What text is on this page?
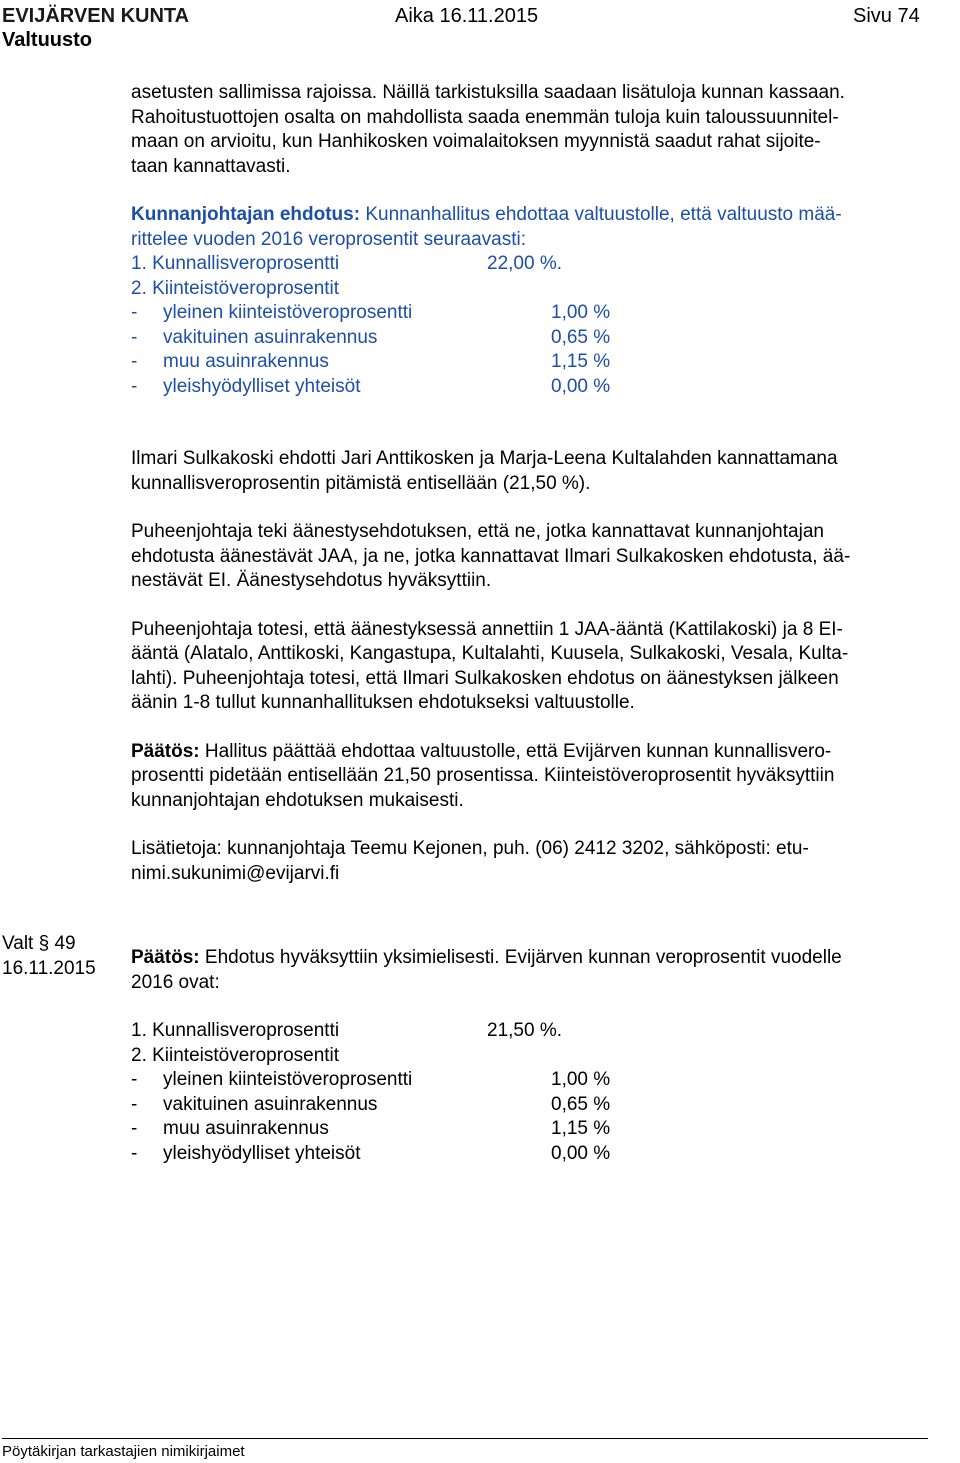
EVIJÄRVEN KUNTA	Aika 16.11.2015	Sivu 74
Valtuusto

asetusten sallimissa rajoissa. Näillä tarkistuksilla saadaan lisätuloja kunnan kassaan.

Rahoitustuottojen osalta on mahdollista saada enemmän tuloja kuin taloussuunnitel-

maan on arvioitu, kun Hanhikosken voimalaitoksen myynnistä saadut rahat sijoite-

taan kannattavasti.

Kunnanjohtajan ehdotus: Kunnanhallitus ehdottaa valtuustolle, että valtuusto mää-

rittelee vuoden 2016 veroprosentit seuraavasti:

1. Kunnallisveroprosentti	22,00 %.

2. Kiinteistöveroprosentit

- yleinen kiinteistöveroprosentti	1,00 %

- vakituinen asuinrakennus	0,65 %

- muu asuinrakennus	1,15 %

- yleishyödylliset yhteisöt	0,00 %

Ilmari Sulkakoski ehdotti Jari Anttikosken ja Marja-Leena Kultalahden kannattamana

kunnallisveroprosentin pitämistä entisellään (21,50 %).

Puheenjohtaja teki äänestysehdotuksen, että ne, jotka kannattavat kunnanjohtajan

ehdotusta äänestävät JAA, ja ne, jotka kannattavat Ilmari Sulkakosken ehdotusta, ää-

nestävät EI. Äänestysehdotus hyväksyttiin.

Puheenjohtaja totesi, että äänestyksessä annettiin 1 JAA-ääntä (Kattilakoski) ja 8 EI-

ääntä (Alatalo, Anttikoski, Kangastupa, Kultalahti, Kuusela, Sulkakoski, Vesala, Kulta-

lahti). Puheenjohtaja totesi, että Ilmari Sulkakosken ehdotus on äänestyksen jälkeen

äänin 1-8 tullut kunnanhallituksen ehdotukseksi valtuustolle.

Päätös: Hallitus päättää ehdottaa valtuustolle, että Evijärven kunnan kunnallisvero-

prosentti pidetään entisellään 21,50 prosentissa. Kiinteistöveroprosentit hyväksyttiin

kunnanjohtajan ehdotuksen mukaisesti.

Lisätietoja: kunnanjohtaja Teemu Kejonen, puh. (06) 2412 3202, sähköposti: etu-

nimi.sukunimi@evijarvi.fi

Päätös: Ehdotus hyväksyttiin yksimielisesti. Evijärven kunnan veroprosentit vuodelle

2016 ovat:

1. Kunnallisveroprosentti	21,50 %.

2. Kiinteistöveroprosentit

- yleinen kiinteistöveroprosentti	1,00 %

- vakituinen asuinrakennus	0,65 %

- muu asuinrakennus	1,15 %

- yleishyödylliset yhteisöt	0,00 %

Valt § 49
16.11.2015
Pöytäkirjan tarkastajien nimikirjaimet
